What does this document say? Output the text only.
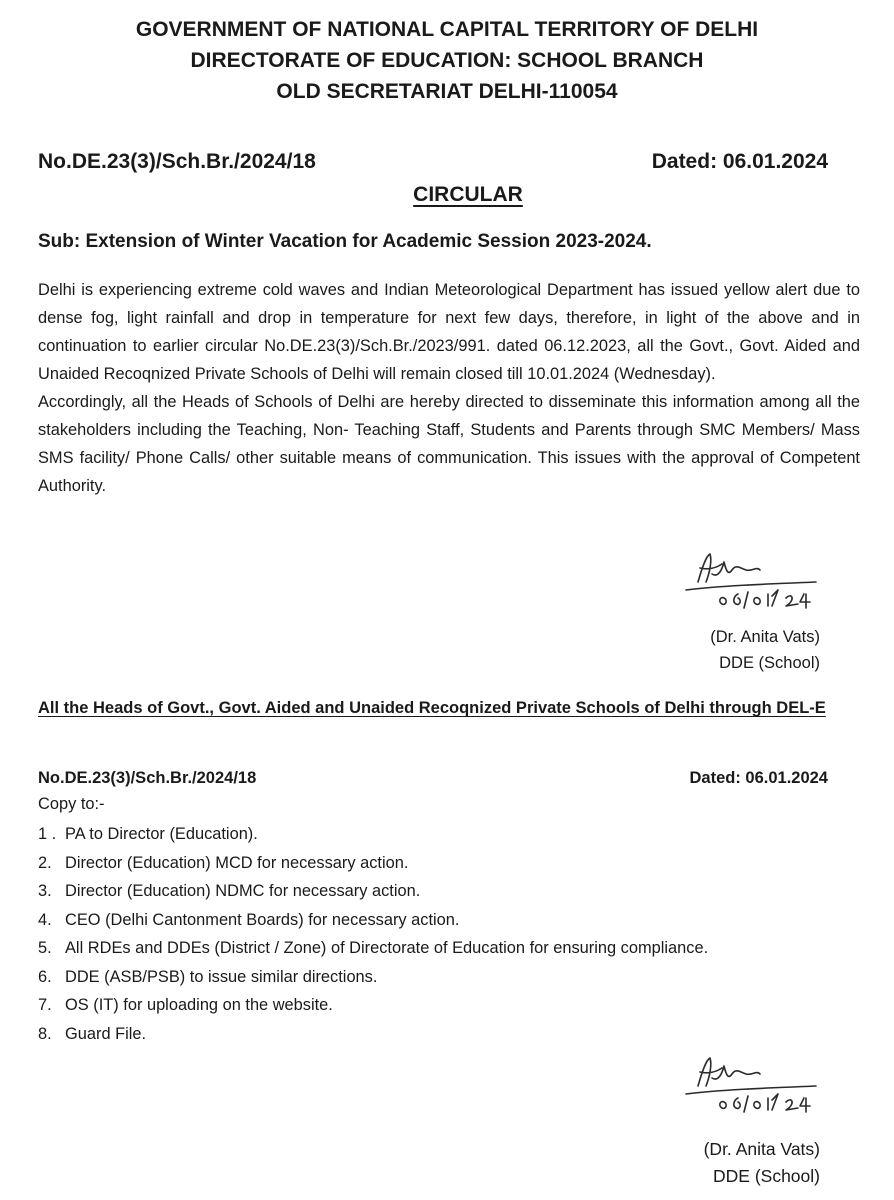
GOVERNMENT OF NATIONAL CAPITAL TERRITORY OF DELHI
DIRECTORATE OF EDUCATION: SCHOOL BRANCH
OLD SECRETARIAT DELHI-110054
No.DE.23(3)/Sch.Br./2024/18	Dated: 06.01.2024
CIRCULAR
Sub: Extension of Winter Vacation for Academic Session 2023-2024.

Delhi is experiencing extreme cold waves and Indian Meteorological Department has issued yellow alert due to dense fog, light rainfall and drop in temperature for next few days, therefore, in light of the above and in continuation to earlier circular No.DE.23(3)/Sch.Br./2023/991. dated 06.12.2023, all the Govt., Govt. Aided and Unaided Recoqnized Private Schools of Delhi will remain closed till 10.01.2024 (Wednesday).

Accordingly, all the Heads of Schools of Delhi are hereby directed to disseminate this information among all the stakeholders including the Teaching, Non- Teaching Staff, Students and Parents through SMC Members/ Mass SMS facility/ Phone Calls/ other suitable means of communication. This issues with the approval of Competent Authority.

(Dr. Anita Vats)
DDE (School)
All the Heads of Govt., Govt. Aided and Unaided Recoqnized Private Schools of Delhi through DEL-E
No.DE.23(3)/Sch.Br./2024/18	Dated: 06.01.2024
Copy to:-
1 . PA to Director (Education).
2. Director (Education) MCD for necessary action.
3. Director (Education) NDMC for necessary action.
4. CEO (Delhi Cantonment Boards) for necessary action.
5. All RDEs and DDEs (District / Zone) of Directorate of Education for ensuring compliance.
6. DDE (ASB/PSB) to issue similar directions.
7. OS (IT) for uploading on the website.
8. Guard File.
(Dr. Anita Vats)
DDE (School)
